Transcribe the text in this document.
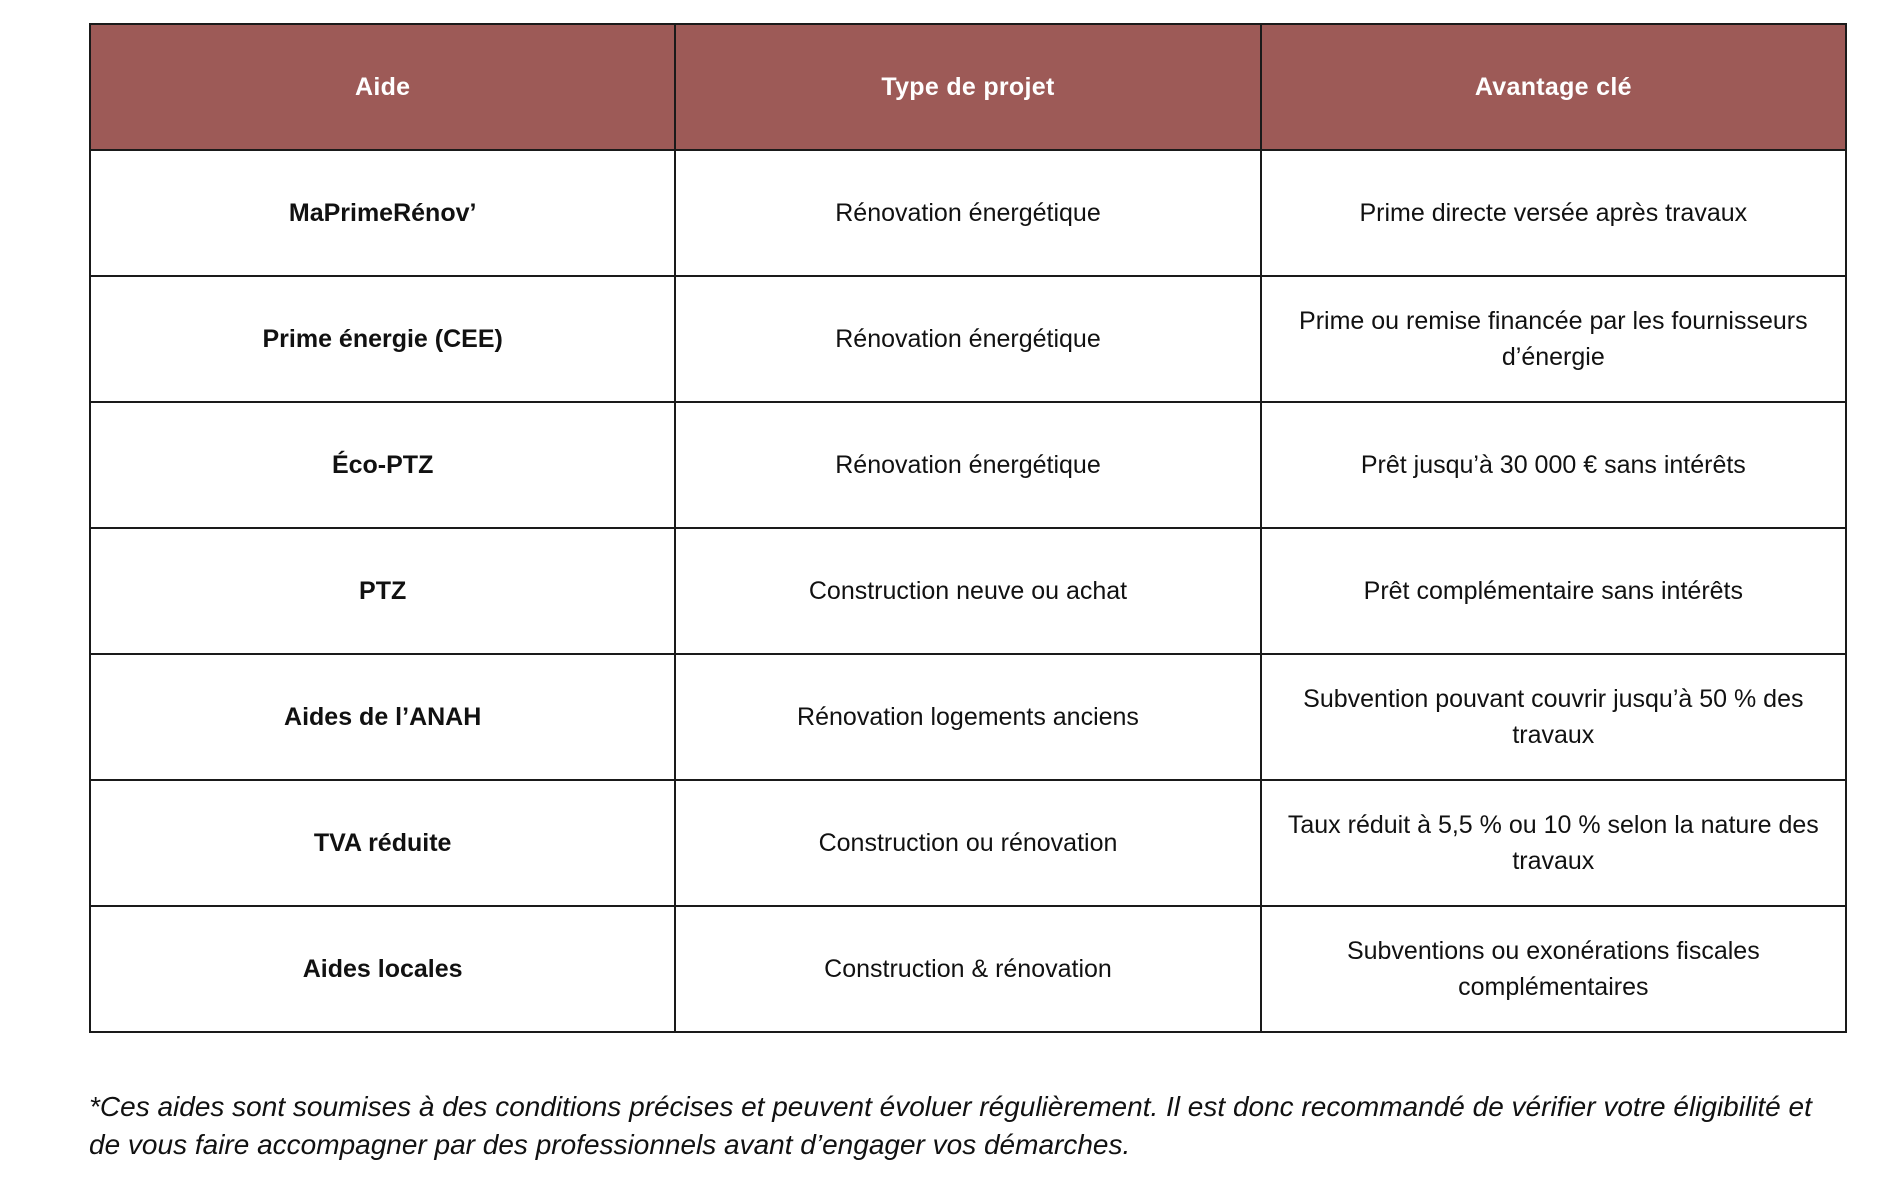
Aide	Type de projet	Avantage clé
MaPrimeRénov’	Rénovation énergétique	Prime directe versée après travaux
Prime énergie (CEE)	Rénovation énergétique	Prime ou remise financée par les fournisseurs d’énergie
Éco-PTZ	Rénovation énergétique	Prêt jusqu’à 30 000 € sans intérêts
PTZ	Construction neuve ou achat	Prêt complémentaire sans intérêts
Aides de l’ANAH	Rénovation logements anciens	Subvention pouvant couvrir jusqu’à 50 % des travaux
TVA réduite	Construction ou rénovation	Taux réduit à 5,5 % ou 10 % selon la nature des travaux
Aides locales	Construction & rénovation	Subventions ou exonérations fiscales complémentaires

*Ces aides sont soumises à des conditions précises et peuvent évoluer régulièrement. Il est donc recommandé de vérifier votre éligibilité et de vous faire accompagner par des professionnels avant d’engager vos démarches.
